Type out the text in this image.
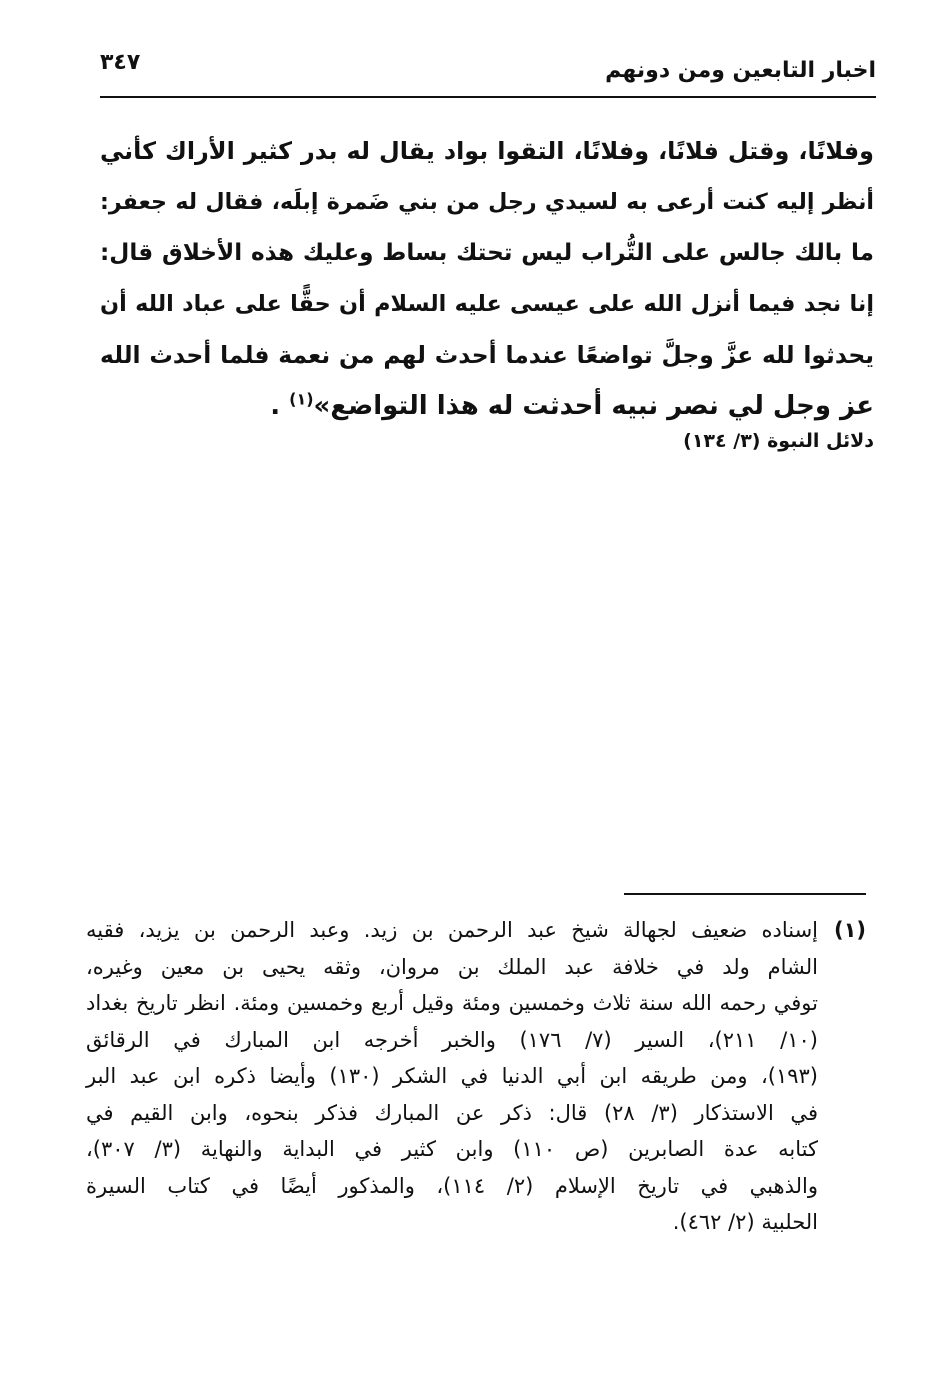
اخبار التابعين ومن دونهم
٣٤٧
وفلانًا، وقتل فلانًا، وفلانًا، التقوا بواد يقال له بدر كثير الأراك كأني
أنظر إليه كنت أرعى به لسيدي رجل من بني ضَمرة إبلَه، فقال له جعفر:
ما بالك جالس على التُّراب ليس تحتك بساط وعليك هذه الأخلاق قال:
إنا نجد فيما أنزل الله على عيسى عليه السلام أن حقًّا على عباد الله أن
يحدثوا لله عزَّ وجلَّ تواضعًا عندما أحدث لهم من نعمة فلما أحدث الله
عز وجل لي نصر نبيه أحدثت له هذا التواضع»$^{(١)}$ .
دلائل النبوة (٣/ ١٣٤)
(١)
إسناده ضعيف لجهالة شيخ عبد الرحمن بن زيد. وعبد الرحمن بن يزيد، فقيه
الشام ولد في خلافة عبد الملك بن مروان، وثقه يحيى بن معين وغيره،
توفي رحمه الله سنة ثلاث وخمسين ومئة وقيل أربع وخمسين ومئة. انظر تاريخ بغداد
(١٠/ ٢١١)، السير (٧/ ١٧٦) والخبر أخرجه ابن المبارك في الرقائق
(١٩٣)، ومن طريقه ابن أبي الدنيا في الشكر (١٣٠) وأيضا ذكره ابن عبد البر
في الاستذكار (٣/ ٢٨) قال: ذكر عن المبارك فذكر بنحوه، وابن القيم في
كتابه عدة الصابرين (ص ١١٠) وابن كثير في البداية والنهاية (٣/ ٣٠٧)،
والذهبي في تاريخ الإسلام (٢/ ١١٤)، والمذكور أيضًا في كتاب السيرة
الحلبية (٢/ ٤٦٢).
